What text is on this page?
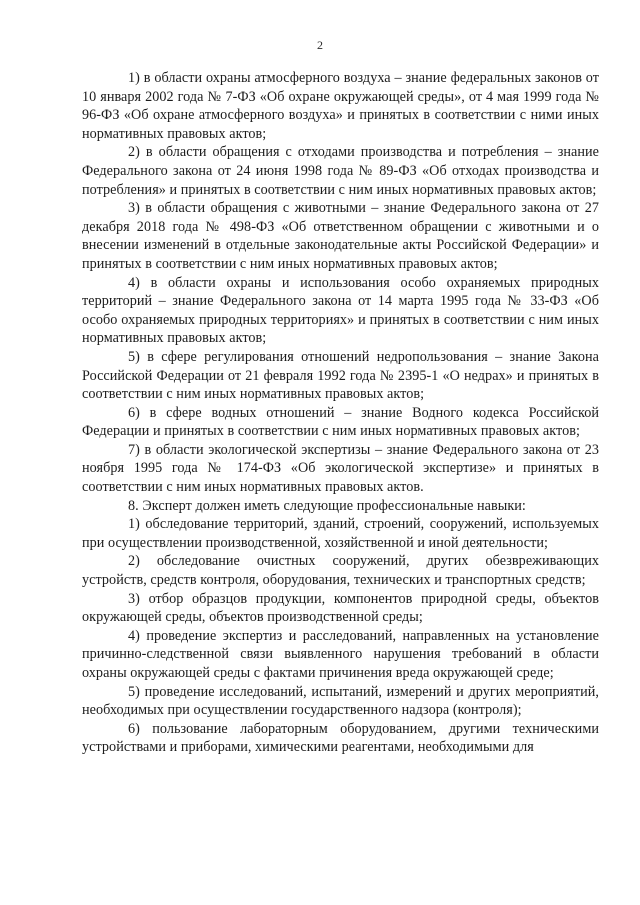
2

1) в области охраны атмосферного воздуха – знание федеральных законов от 10 января 2002 года № 7-ФЗ «Об охране окружающей среды», от 4 мая 1999 года № 96-ФЗ «Об охране атмосферного воздуха» и принятых в соответствии с ними иных нормативных правовых актов;

2) в области обращения с отходами производства и потребления – знание Федерального закона от 24 июня 1998 года № 89-ФЗ «Об отходах производства и потребления» и принятых в соответствии с ним иных нормативных правовых актов;

3) в области обращения с животными – знание Федерального закона от 27 декабря 2018 года № 498-ФЗ «Об ответственном обращении с животными и о внесении изменений в отдельные законодательные акты Российской Федерации» и принятых в соответствии с ним иных нормативных правовых актов;

4) в области охраны и использования особо охраняемых природных территорий – знание Федерального закона от 14 марта 1995 года № 33-ФЗ «Об особо охраняемых природных территориях» и принятых в соответствии с ним иных нормативных правовых актов;

5) в сфере регулирования отношений недропользования – знание Закона Российской Федерации от 21 февраля 1992 года № 2395-1 «О недрах» и принятых в соответствии с ним иных нормативных правовых актов;

6) в сфере водных отношений – знание Водного кодекса Российской Федерации и принятых в соответствии с ним иных нормативных правовых актов;

7) в области экологической экспертизы – знание Федерального закона от 23 ноября 1995 года № 174-ФЗ «Об экологической экспертизе» и принятых в соответствии с ним иных нормативных правовых актов.

8. Эксперт должен иметь следующие профессиональные навыки:

1) обследование территорий, зданий, строений, сооружений, используемых при осуществлении производственной, хозяйственной и иной деятельности;

2) обследование очистных сооружений, других обезвреживающих устройств, средств контроля, оборудования, технических и транспортных средств;

3) отбор образцов продукции, компонентов природной среды, объектов окружающей среды, объектов производственной среды;

4) проведение экспертиз и расследований, направленных на установление причинно-следственной связи выявленного нарушения требований в области охраны окружающей среды с фактами причинения вреда окружающей среде;

5) проведение исследований, испытаний, измерений и других мероприятий, необходимых при осуществлении государственного надзора (контроля);

6) пользование лабораторным оборудованием, другими техническими устройствами и приборами, химическими реагентами, необходимыми для
